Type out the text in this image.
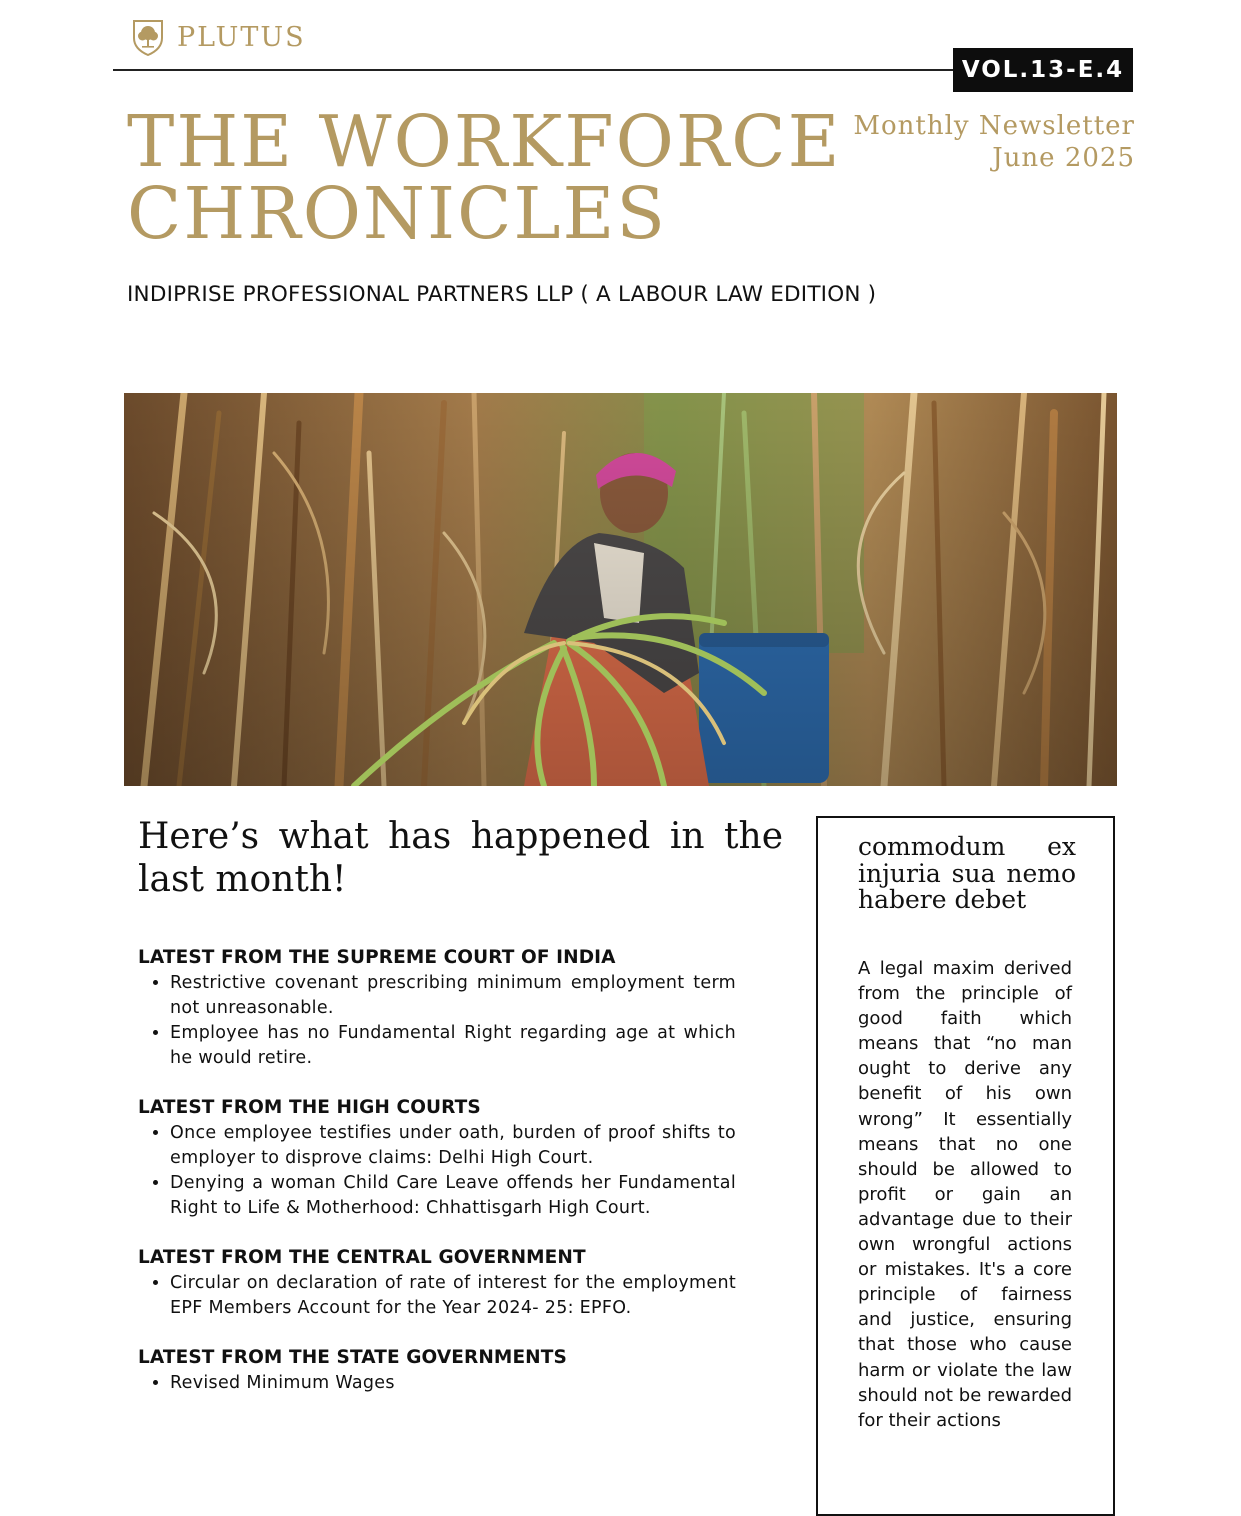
PLUTUS
VOL.13-E.4
THE WORKFORCE
CHRONICLES
Monthly Newsletter
June 2025
INDIPRISE PROFESSIONAL PARTNERS LLP ( A LABOUR LAW EDITION )
Here’s what has happened in the last month!
LATEST FROM THE SUPREME COURT OF INDIA
• Restrictive covenant prescribing minimum employment term not unreasonable.
• Employee has no Fundamental Right regarding age at which he would retire.
LATEST FROM THE HIGH COURTS
• Once employee testifies under oath, burden of proof shifts to employer to disprove claims: Delhi High Court.
• Denying a woman Child Care Leave offends her Fundamental Right to Life & Motherhood: Chhattisgarh High Court.
LATEST FROM THE CENTRAL GOVERNMENT
• Circular on declaration of rate of interest for the employment EPF Members Account for the Year 2024- 25: EPFO.
LATEST FROM THE STATE GOVERNMENTS
• Revised Minimum Wages
commodum ex injuria sua nemo habere debet
A legal maxim derived from the principle of good faith which means that “no man ought to derive any benefit of his own wrong” It essentially means that no one should be allowed to profit or gain an advantage due to their own wrongful actions or mistakes. It's a core principle of fairness and justice, ensuring that those who cause harm or violate the law should not be rewarded for their actions
